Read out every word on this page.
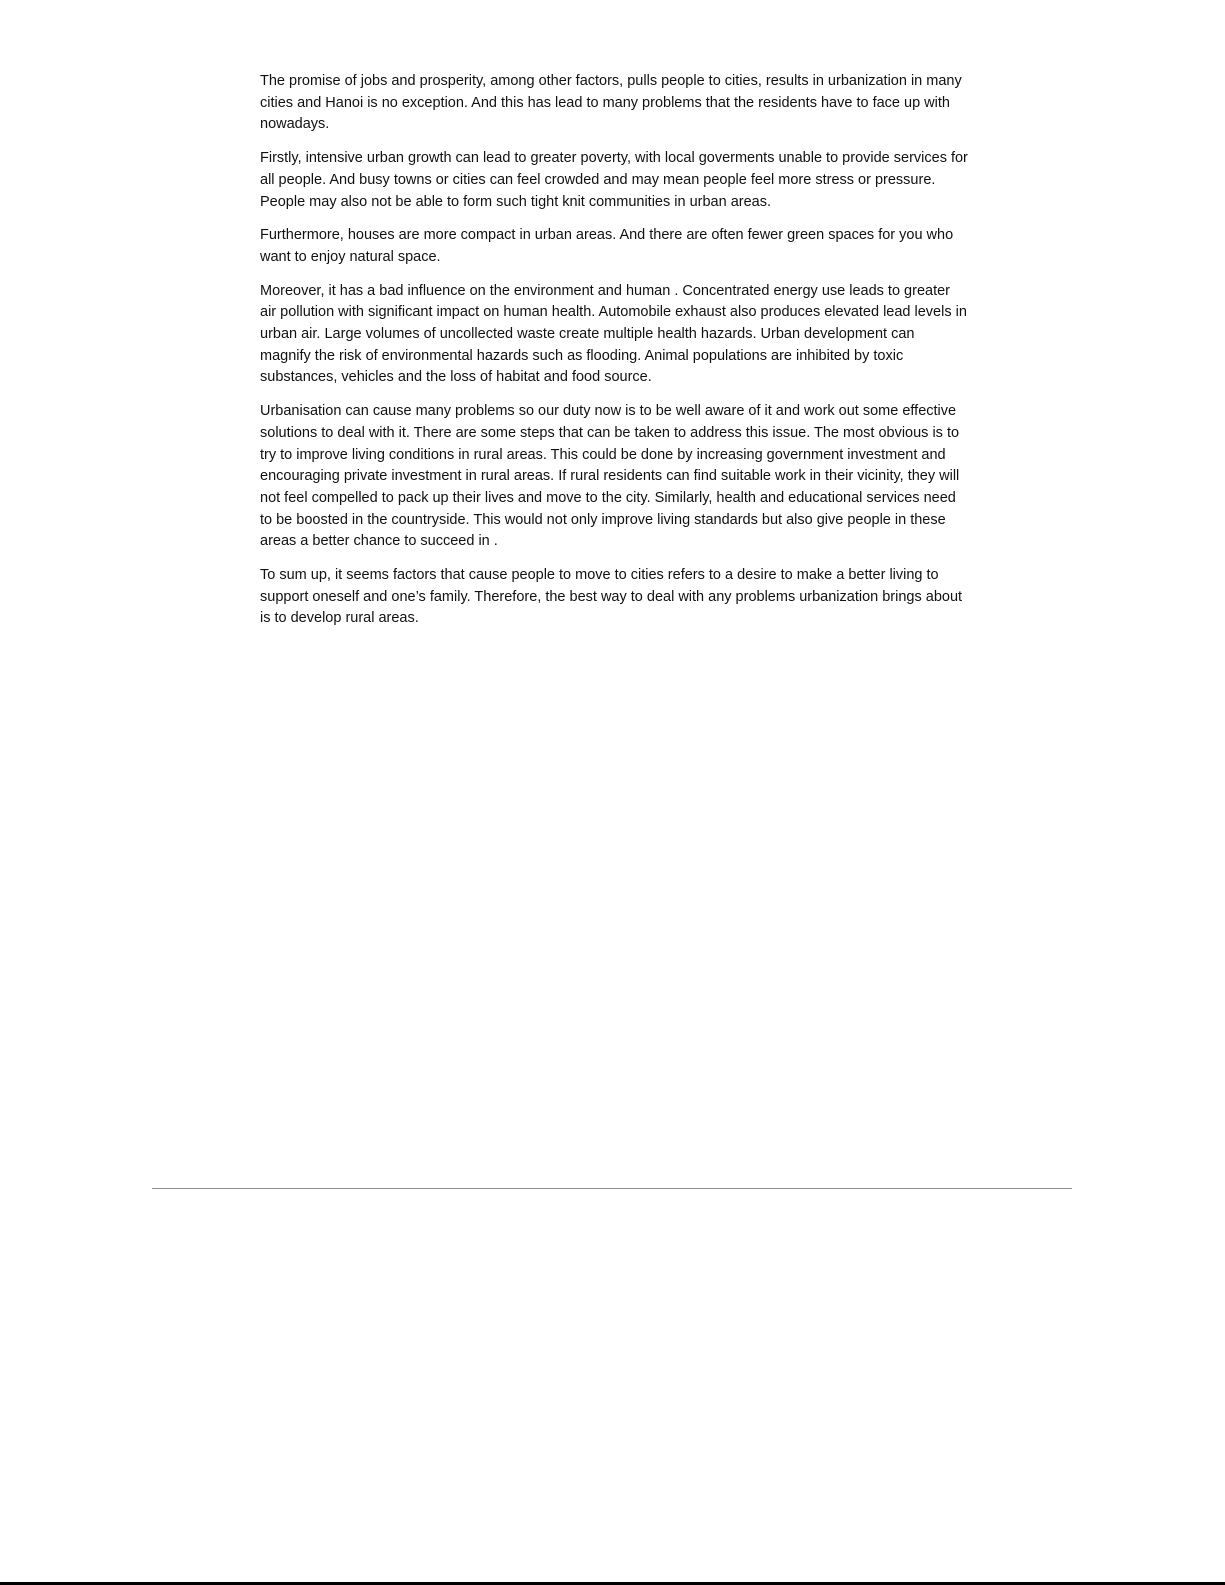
The promise of jobs and prosperity, among other factors, pulls people to cities, results in urbanization in many cities and Hanoi is no exception. And this has lead to many problems that the residents have to face up with nowadays.

Firstly, intensive urban growth can lead to greater poverty, with local goverments unable to provide services for all people. And busy towns or cities can feel crowded and may mean people feel more stress or pressure. People may also not be able to form such tight knit communities in urban areas.

Furthermore, houses are more compact in urban areas. And there are often fewer green spaces for you who want to enjoy natural space.

Moreover, it has a bad influence on the environment and human . Concentrated energy use leads to greater air pollution with significant impact on human health. Automobile exhaust also produces elevated lead levels in urban air. Large volumes of uncollected waste create multiple health hazards. Urban development can magnify the risk of environmental hazards such as flooding. Animal populations are inhibited by toxic substances, vehicles and the loss of habitat and food source.

Urbanisation can cause many problems so our duty now is to be well aware of it and work out some effective solutions to deal with it. There are some steps that can be taken to address this issue. The most obvious is to try to improve living conditions in rural areas. This could be done by increasing government investment and encouraging private investment in rural areas. If rural residents can find suitable work in their vicinity, they will not feel compelled to pack up their lives and move to the city. Similarly, health and educational services need to be boosted in the countryside. This would not only improve living standards but also give people in these areas a better chance to succeed in .

To sum up, it seems factors that cause people to move to cities refers to a desire to make a better living to support oneself and one’s family. Therefore, the best way to deal with any problems urbanization brings about is to develop rural areas.
